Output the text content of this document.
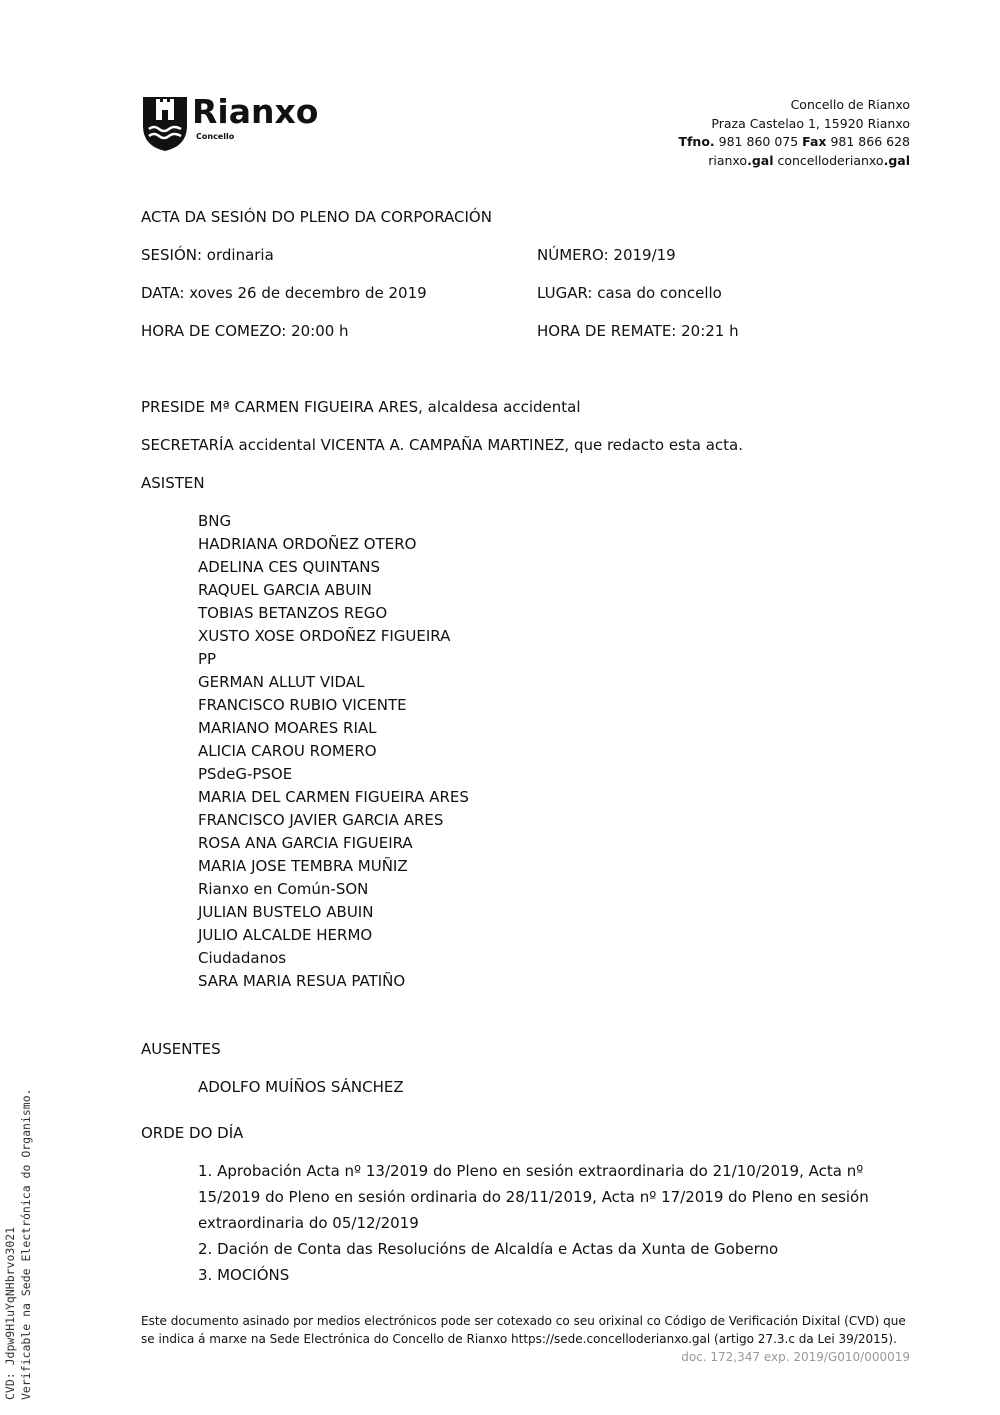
Rianxo
Concello
Concello de Rianxo
Praza Castelao 1, 15920 Rianxo
Tfno. 981 860 075 Fax 981 866 628
rianxo.gal concelloderianxo.gal
ACTA DA SESIÓN DO PLENO DA CORPORACIÓN
SESIÓN: ordinaria	NÚMERO: 2019/19
DATA: xoves 26 de decembro de 2019	LUGAR: casa do concello
HORA DE COMEZO: 20:00 h	HORA DE REMATE: 20:21 h
PRESIDE Mª CARMEN FIGUEIRA ARES, alcaldesa accidental
SECRETARÍA accidental VICENTA A. CAMPAÑA MARTINEZ, que redacto esta acta.
ASISTEN
BNG
HADRIANA ORDOÑEZ OTERO
ADELINA CES QUINTANS
RAQUEL GARCIA ABUIN
TOBIAS BETANZOS REGO
XUSTO XOSE ORDOÑEZ FIGUEIRA
PP
GERMAN ALLUT VIDAL
FRANCISCO RUBIO VICENTE
MARIANO MOARES RIAL
ALICIA CAROU ROMERO
PSdeG-PSOE
MARIA DEL CARMEN FIGUEIRA ARES
FRANCISCO JAVIER GARCIA ARES
ROSA ANA GARCIA FIGUEIRA
MARIA JOSE TEMBRA MUÑIZ
Rianxo en Común-SON
JULIAN BUSTELO ABUIN
JULIO ALCALDE HERMO
Ciudadanos
SARA MARIA RESUA PATIÑO
AUSENTES
ADOLFO MUÍÑOS SÁNCHEZ
ORDE DO DÍA
1. Aprobación Acta nº 13/2019 do Pleno en sesión extraordinaria do 21/10/2019, Acta nº 15/2019 do Pleno en sesión ordinaria do 28/11/2019, Acta nº 17/2019 do Pleno en sesión extraordinaria do 05/12/2019
2. Dación de Conta das Resolucións de Alcaldía e Actas da Xunta de Goberno
3. MOCIÓNS
Este documento asinado por medios electrónicos pode ser cotexado co seu orixinal co Código de Verificación Dixital (CVD) que se indica á marxe na Sede Electrónica do Concello de Rianxo https://sede.concelloderianxo.gal (artigo 27.3.c da Lei 39/2015).
doc. 172,347 exp. 2019/G010/000019
CVD: Jdpw9H1uYqNHbrvo3021 Verificable na Sede Electrónica do Organismo.
